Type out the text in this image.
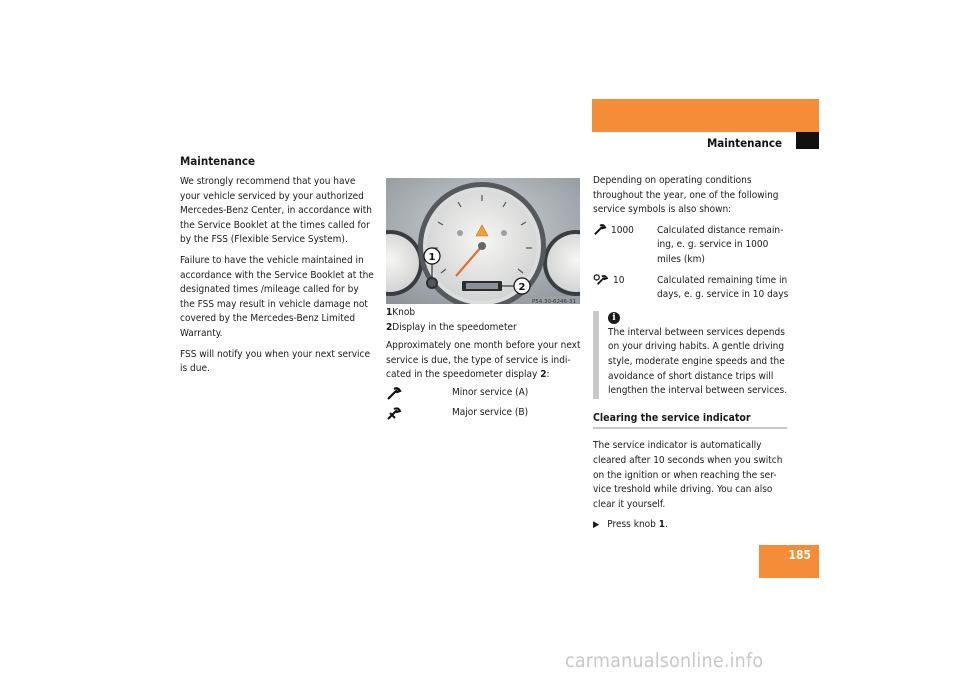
Operation
Maintenance
Maintenance

We strongly recommend that you have your vehicle serviced by your authorized Mercedes-Benz Center, in accordance with the Service Booklet at the times called for by the FSS (Flexible Service System).

Failure to have the vehicle maintained in accordance with the Service Booklet at the designated times /mileage called for by the FSS may result in vehicle damage not covered by the Mercedes-Benz Limited Warranty.

FSS will notify you when your next service is due.

1
2
P54.30-6246-31
1Knob
2Display in the speedometer
Approximately one month before your next service is due, the type of service is indi-cated in the speedometer display 2:
Minor service (A)
Major service (B)
Depending on operating conditions throughout the year, one of the following service symbols is also shown:
1000 Calculated distance remain-ing, e. g. service in 1000 miles (km)
10	Calculated remaining time in days, e. g. service in 10 days
i
The interval between services depends on your driving habits. A gentle driving style, moderate engine speeds and the avoidance of short distance trips will lengthen the interval between services.
Clearing the service indicator
The service indicator is automatically cleared after 10 seconds when you switch on the ignition or when reaching the ser-vice treshold while driving. You can also clear it yourself.
▶ Press knob 1.
185
carmanualsonline.info
